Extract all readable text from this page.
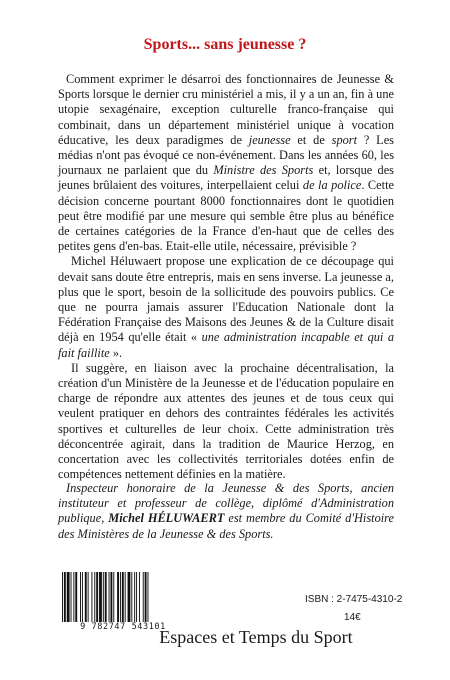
Sports... sans jeunesse ?

Comment exprimer le désarroi des fonctionnaires de Jeunesse & Sports lorsque le dernier cru ministériel a mis, il y a un an, fin à une utopie sexagénaire, exception culturelle franco-française qui combinait, dans un département ministériel unique à vocation éducative, les deux paradigmes de jeunesse et de sport ? Les médias n'ont pas évoqué ce non-événement. Dans les années 60, les journaux ne parlaient que du Ministre des Sports et, lorsque des jeunes brûlaient des voitures, interpellaient celui de la police. Cette décision concerne pourtant 8000 fonctionnaires dont le quotidien peut être modifié par une mesure qui semble être plus au bénéfice de certaines catégories de la France d'en-haut que de celles des petites gens d'en-bas. Etait-elle utile, nécessaire, prévisible ?

Michel Héluwaert propose une explication de ce découpage qui devait sans doute être entrepris, mais en sens inverse. La jeunesse a, plus que le sport, besoin de la sollicitude des pouvoirs publics. Ce que ne pourra jamais assurer l'Education Nationale dont la Fédération Française des Maisons des Jeunes & de la Culture disait déjà en 1954 qu'elle était « une administration incapable et qui a fait faillite ».

Il suggère, en liaison avec la prochaine décentralisation, la création d'un Ministère de la Jeunesse et de l'éducation populaire en charge de répondre aux attentes des jeunes et de tous ceux qui veulent pratiquer en dehors des contraintes fédérales les activités sportives et culturelles de leur choix. Cette administration très déconcentrée agirait, dans la tradition de Maurice Herzog, en concertation avec les collectivités territoriales dotées enfin de compétences nettement définies en la matière.

Inspecteur honoraire de la Jeunesse & des Sports, ancien instituteur et professeur de collège, diplômé d'Administration publique, Michel HÉLUWAERT est membre du Comité d'Histoire des Ministères de la Jeunesse & des Sports.

9 782747 543101
ISBN : 2-7475-4310-2
14€
Espaces et Temps du Sport
